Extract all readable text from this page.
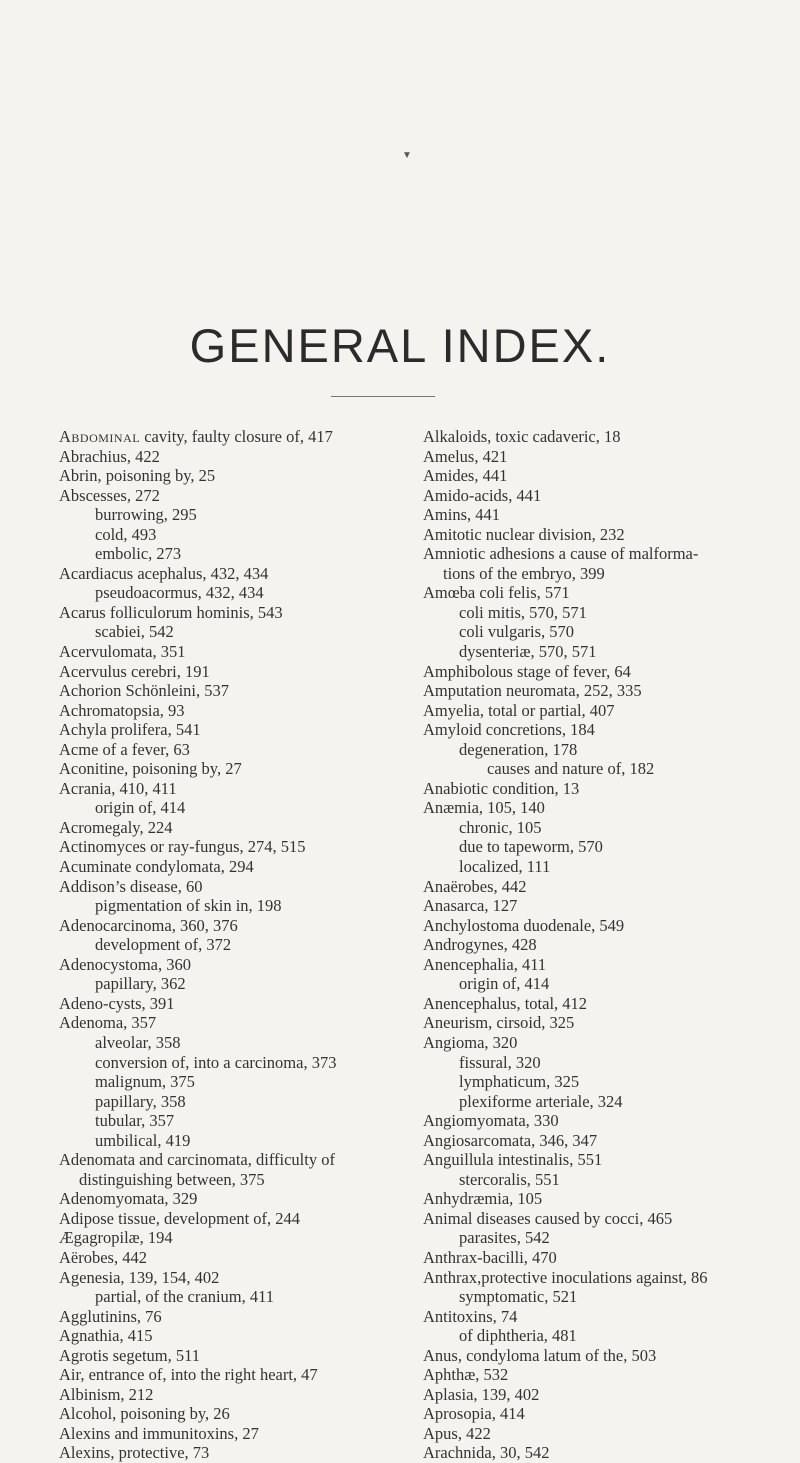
▼
GENERAL INDEX.
Abdominal cavity, faulty closure of, 417
Abrachius, 422
Abrin, poisoning by, 25
Abscesses, 272
burrowing, 295
cold, 493
embolic, 273
Acardiacus acephalus, 432, 434
pseudoacormus, 432, 434
Acarus folliculorum hominis, 543
scabiei, 542
Acervulomata, 351
Acervulus cerebri, 191
Achorion Schönleini, 537
Achromatopsia, 93
Achyla prolifera, 541
Acme of a fever, 63
Aconitine, poisoning by, 27
Acrania, 410, 411
origin of, 414
Acromegaly, 224
Actinomyces or ray-fungus, 274, 515
Acuminate condylomata, 294
Addison’s disease, 60
pigmentation of skin in, 198
Adenocarcinoma, 360, 376
development of, 372
Adenocystoma, 360
papillary, 362
Adeno-cysts, 391
Adenoma, 357
alveolar, 358
conversion of, into a carcinoma, 373
malignum, 375
papillary, 358
tubular, 357
umbilical, 419
Adenomata and carcinomata, difficulty of
distinguishing between, 375
Adenomyomata, 329
Adipose tissue, development of, 244
Ægagropilæ, 194
Aërobes, 442
Agenesia, 139, 154, 402
partial, of the cranium, 411
Agglutinins, 76
Agnathia, 415
Agrotis segetum, 511
Air, entrance of, into the right heart, 47
Albinism, 212
Alcohol, poisoning by, 26
Alexins and immunitoxins, 27
Alexins, protective, 73
Alkaloids, toxic cadaveric, 18
Amelus, 421
Amides, 441
Amido-acids, 441
Amins, 441
Amitotic nuclear division, 232
Amniotic adhesions a cause of malforma-
tions of the embryo, 399
Amœba coli felis, 571
coli mitis, 570, 571
coli vulgaris, 570
dysenteriæ, 570, 571
Amphibolous stage of fever, 64
Amputation neuromata, 252, 335
Amyelia, total or partial, 407
Amyloid concretions, 184
degeneration, 178
causes and nature of, 182
Anabiotic condition, 13
Anæmia, 105, 140
chronic, 105
due to tapeworm, 570
localized, 111
Anaërobes, 442
Anasarca, 127
Anchylostoma duodenale, 549
Androgynes, 428
Anencephalia, 411
origin of, 414
Anencephalus, total, 412
Aneurism, cirsoid, 325
Angioma, 320
fissural, 320
lymphaticum, 325
plexiforme arteriale, 324
Angiomyomata, 330
Angiosarcomata, 346, 347
Anguillula intestinalis, 551
stercoralis, 551
Anhydræmia, 105
Animal diseases caused by cocci, 465
parasites, 542
Anthrax-bacilli, 470
Anthrax,protective inoculations against, 86
symptomatic, 521
Antitoxins, 74
of diphtheria, 481
Anus, condyloma latum of the, 503
Aphthæ, 532
Aplasia, 139, 402
Aprosopia, 414
Apus, 422
Arachnida, 30, 542
